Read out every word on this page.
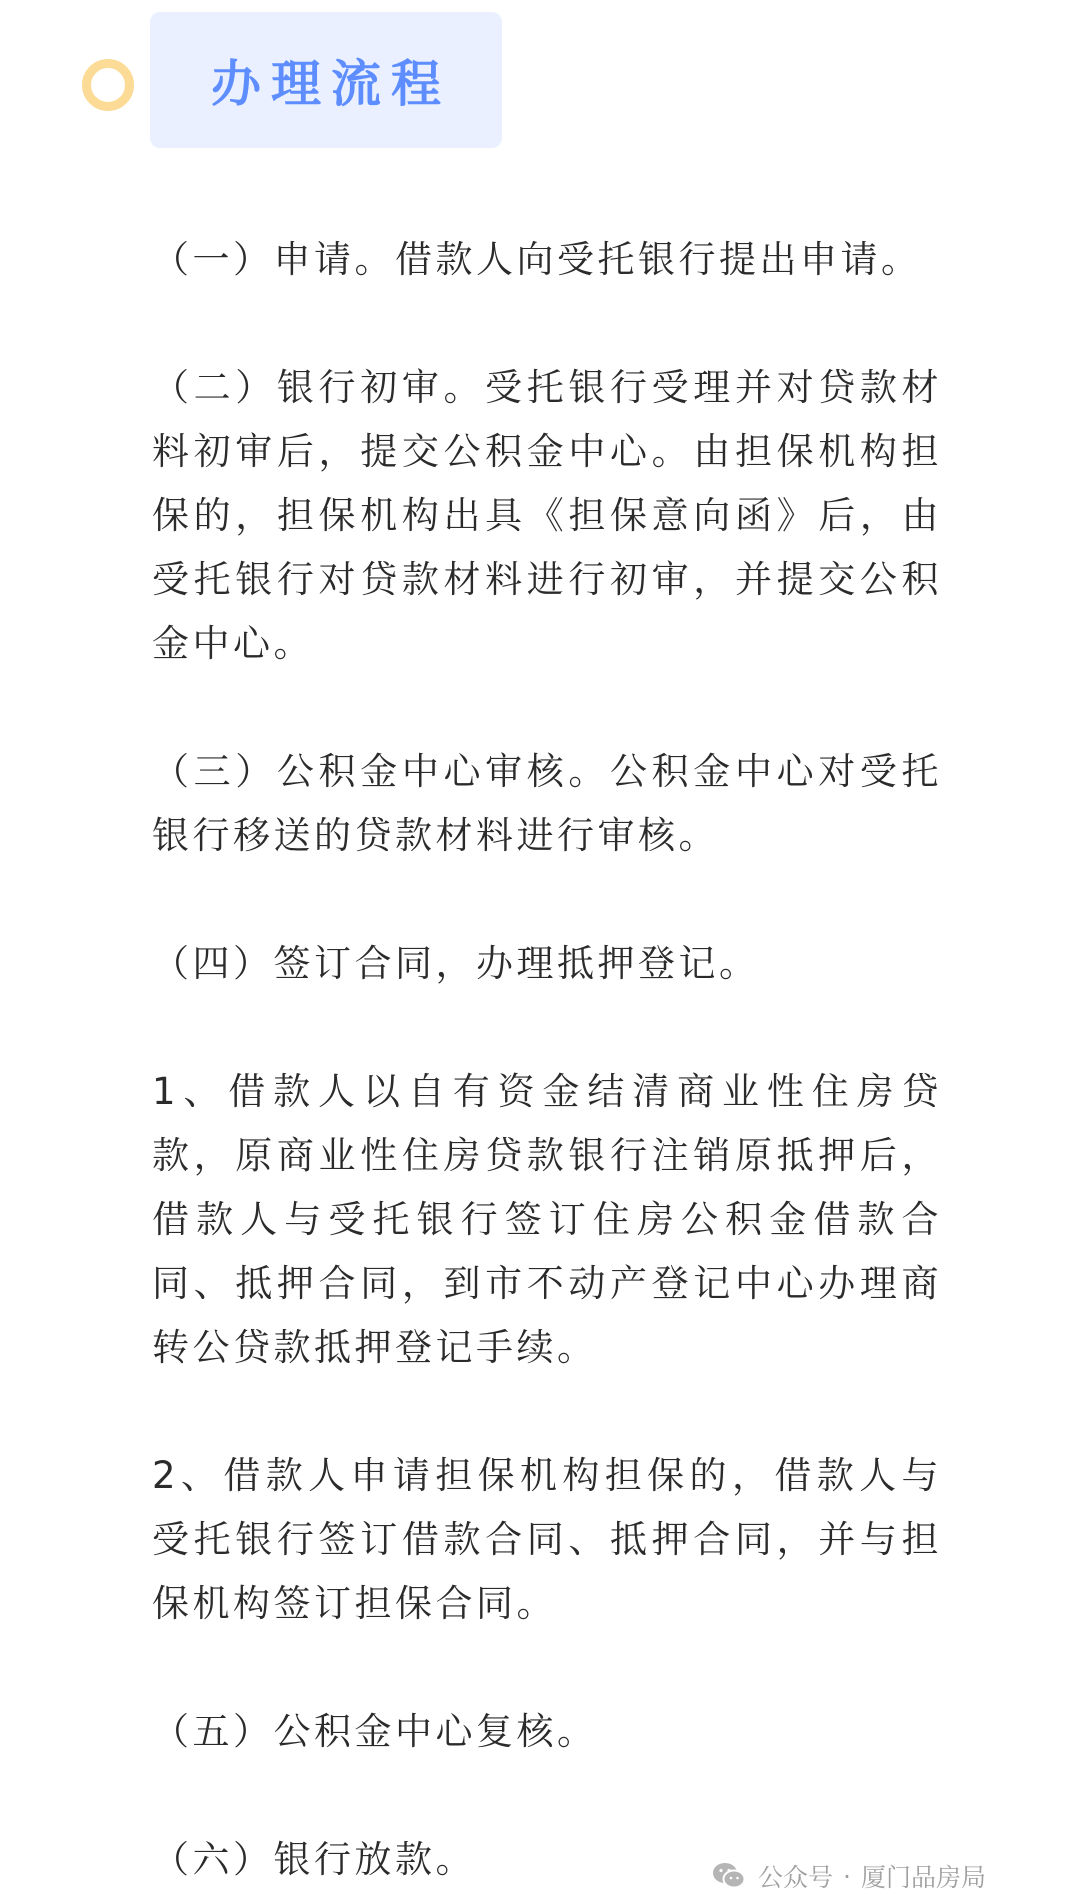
办理流程

（一）申请。借款人向受托银行提出申请。

（二）银行初审。受托银行受理并对贷款材料初审后，提交公积金中心。由担保机构担保的，担保机构出具《担保意向函》后，由受托银行对贷款材料进行初审，并提交公积金中心。

（三）公积金中心审核。公积金中心对受托银行移送的贷款材料进行审核。

（四）签订合同，办理抵押登记。

1、借款人以自有资金结清商业性住房贷款，原商业性住房贷款银行注销原抵押后，借款人与受托银行签订住房公积金借款合同、抵押合同，到市不动产登记中心办理商转公贷款抵押登记手续。

2、借款人申请担保机构担保的，借款人与受托银行签订借款合同、抵押合同，并与担保机构签订担保合同。

（五）公积金中心复核。

（六）银行放款。	公众号 · 厦门品房局
